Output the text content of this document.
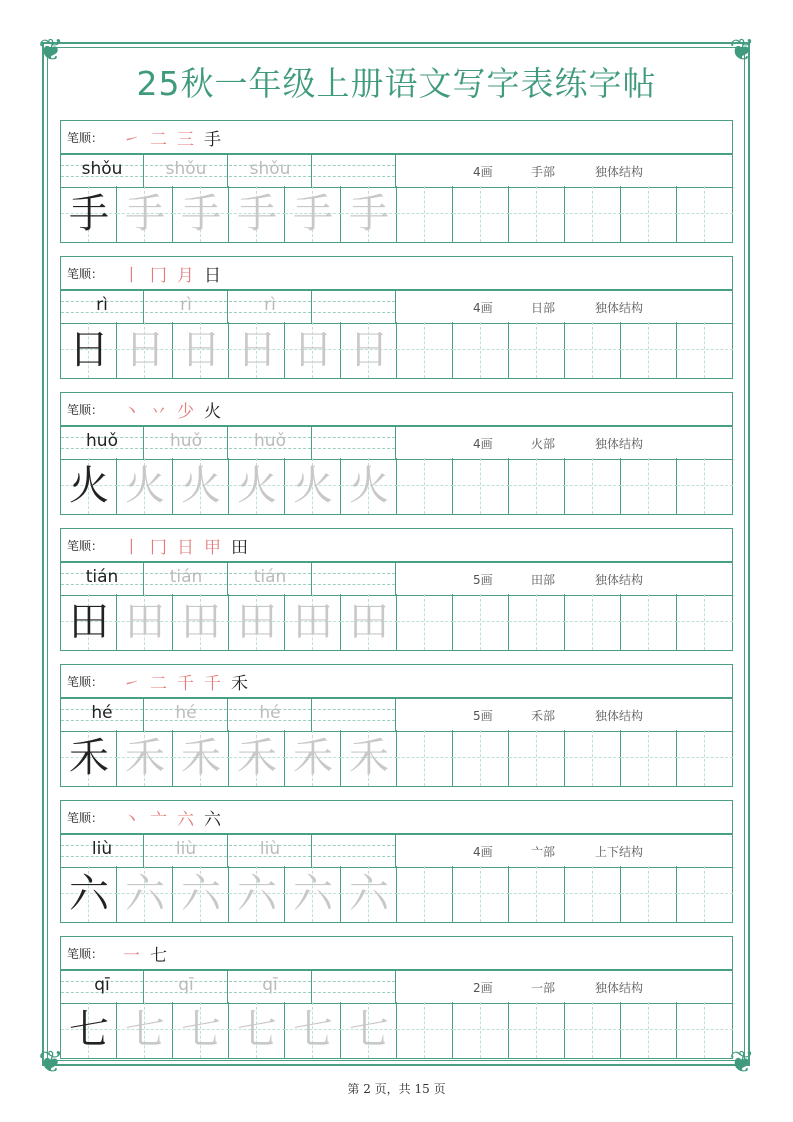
❦	❦
❦	❦
25秋一年级上册语文写字表练字帖
笔顺： ㇀ 二 三 手
shǒu	shǒu	shǒu	4画	手部	独体结构
手 手 手 手 手 手
笔顺： 丨 冂 月 日
rì	rì	rì	4画	日部	独体结构
日 日 日 日 日 日
笔顺： 丶 丷 少 火
huǒ	huǒ	huǒ	4画	火部	独体结构
火 火 火 火 火 火
笔顺： 丨 冂 日 甲 田
tián	tián	tián	5画	田部	独体结构
田 田 田 田 田 田
笔顺： ㇀ 二 千 千 禾
hé	hé	hé	5画	禾部	独体结构
禾 禾 禾 禾 禾 禾
笔顺： 丶 亠 六 六
liù	liù	liù	4画	亠部	上下结构
六 六 六 六 六 六
笔顺： 一 七
qī	qī	qī	2画	一部	独体结构
七 七 七 七 七 七
第 2 页，共 15 页
